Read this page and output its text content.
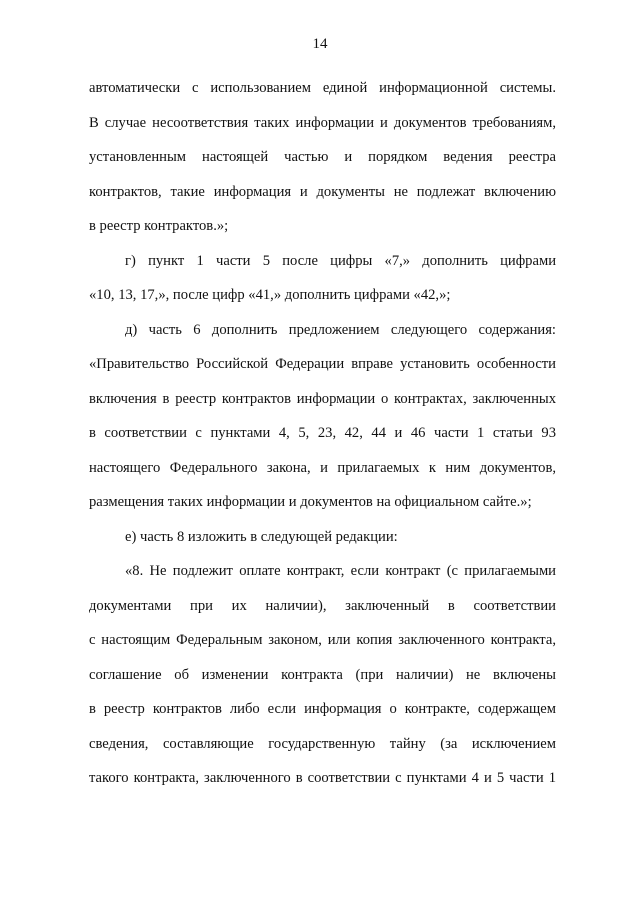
14
автоматически с использованием единой информационной системы.
В случае несоответствия таких информации и документов требованиям,
установленным настоящей частью и порядком ведения реестра
контрактов, такие информация и документы не подлежат включению
в реестр контрактов.»;
г) пункт 1 части 5 после цифры «7,» дополнить цифрами
«10, 13, 17,», после цифр «41,» дополнить цифрами «42,»;
д) часть 6 дополнить предложением следующего содержания:
«Правительство Российской Федерации вправе установить особенности
включения в реестр контрактов информации о контрактах, заключенных
в соответствии с пунктами 4, 5, 23, 42, 44 и 46 части 1 статьи 93
настоящего Федерального закона, и прилагаемых к ним документов,
размещения таких информации и документов на официальном сайте.»;
е) часть 8 изложить в следующей редакции:
«8. Не подлежит оплате контракт, если контракт (с прилагаемыми
документами при их наличии), заключенный в соответствии
с настоящим Федеральным законом, или копия заключенного контракта,
соглашение об изменении контракта (при наличии) не включены
в реестр контрактов либо если информация о контракте, содержащем
сведения, составляющие государственную тайну (за исключением
такого контракта, заключенного в соответствии с пунктами 4 и 5 части 1
